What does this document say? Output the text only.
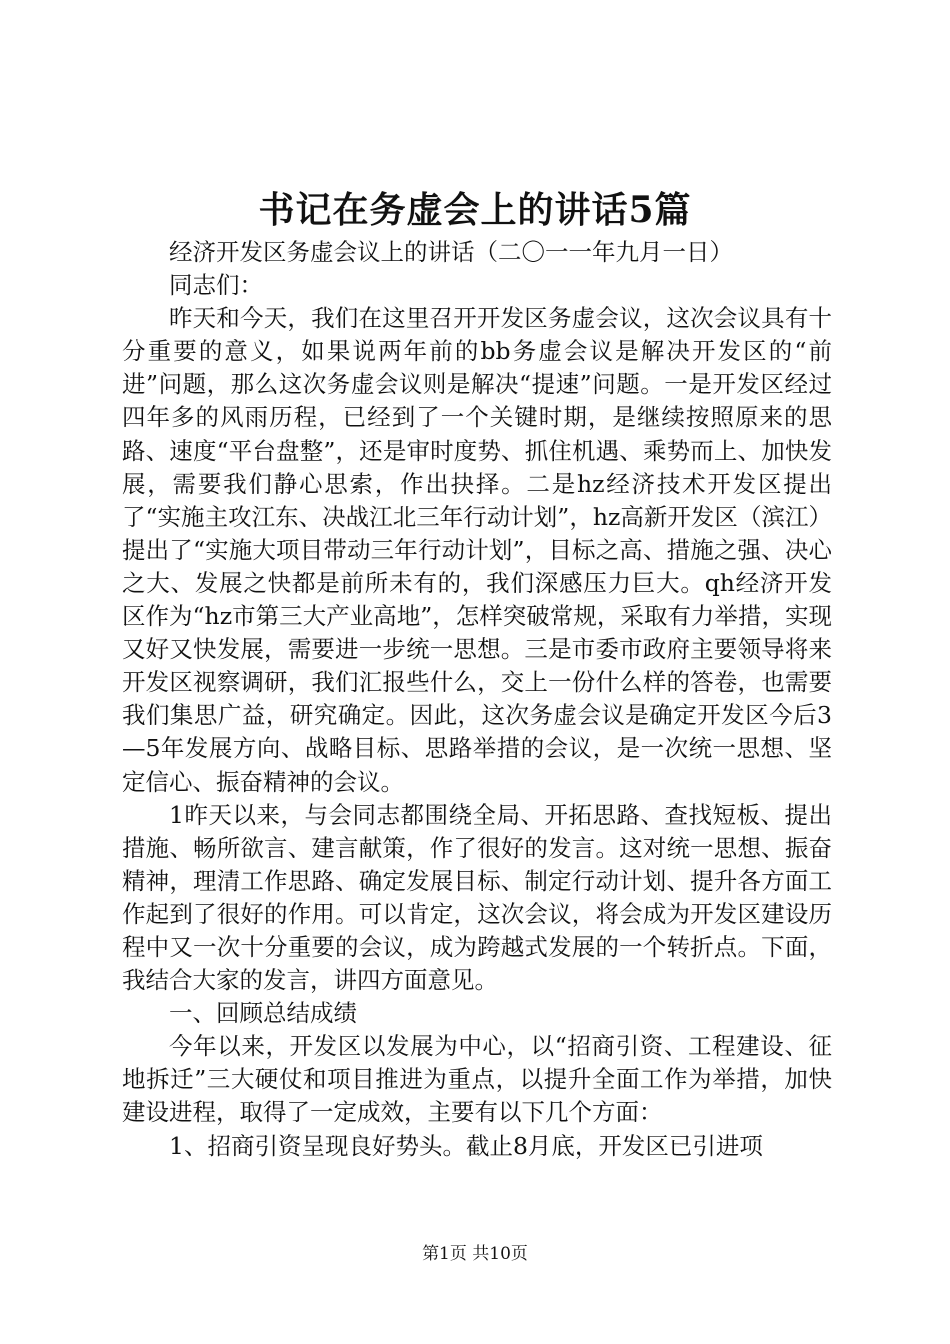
书记在务虚会上的讲话5篇

经济开发区务虚会议上的讲话（二〇一一年九月一日）

同志们：

昨天和今天，我们在这里召开开发区务虚会议，这次会议具有十分重要的意义，如果说两年前的bb务虚会议是解决开发区的“前进”问题，那么这次务虚会议则是解决“提速”问题。一是开发区经过四年多的风雨历程，已经到了一个关键时期，是继续按照原来的思路、速度“平台盘整”，还是审时度势、抓住机遇、乘势而上、加快发展，需要我们静心思索，作出抉择。二是hz经济技术开发区提出了“实施主攻江东、决战江北三年行动计划”，hz高新开发区（滨江）提出了“实施大项目带动三年行动计划”，目标之高、措施之强、决心之大、发展之快都是前所未有的，我们深感压力巨大。qh经济开发区作为“hz市第三大产业高地”，怎样突破常规，采取有力举措，实现又好又快发展，需要进一步统一思想。三是市委市政府主要领导将来开发区视察调研，我们汇报些什么，交上一份什么样的答卷，也需要我们集思广益，研究确定。因此，这次务虚会议是确定开发区今后3—5年发展方向、战略目标、思路举措的会议，是一次统一思想、坚定信心、振奋精神的会议。

1昨天以来，与会同志都围绕全局、开拓思路、查找短板、提出措施、畅所欲言、建言献策，作了很好的发言。这对统一思想、振奋精神，理清工作思路、确定发展目标、制定行动计划、提升各方面工作起到了很好的作用。可以肯定，这次会议，将会成为开发区建设历程中又一次十分重要的会议，成为跨越式发展的一个转折点。下面，我结合大家的发言，讲四方面意见。

一、回顾总结成绩

今年以来，开发区以发展为中心，以“招商引资、工程建设、征地拆迁”三大硬仗和项目推进为重点，以提升全面工作为举措，加快建设进程，取得了一定成效，主要有以下几个方面：

1、招商引资呈现良好势头。截止8月底，开发区已引进项

第1页 共10页
